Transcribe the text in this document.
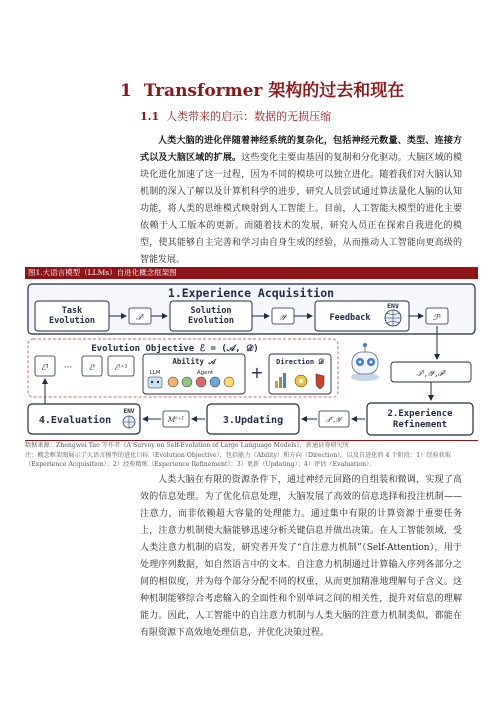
1 Transformer 架构的过去和现在
1.1 人类带来的启示：数据的无损压缩
人类大脑的进化伴随着神经系统的复杂化，包括神经元数量、类型、连接方式以及大脑区域的扩展。这些变化主要由基因的复制和分化驱动。大脑区域的模块化进化加速了这一过程，因为不同的模块可以独立进化。随着我们对大脑认知机制的深入了解以及计算机科学的进步，研究人员尝试通过算法量化人脑的认知功能，将人类的思维模式映射到人工智能上。目前，人工智能大模型的进化主要依赖于人工版本的更新。而随着技术的发展，研究人员正在探索自我进化的模型，使其能够自主完善和学习由自身生成的经验，从而推动人工智能向更高级的智能发展。
图1.大语言模型（LLMs）自进化概念框架图
1.Experience Acquisition
Task Evolution	𝒯ᵗ
Solution Evolution	𝒴ᵗ	Feedback
ENV
ℱᵗ
Evolution Objective ℰ = (𝒜, 𝒟)
ℰ¹ ··· ℰᵗ	ℰᵗ⁺¹
Ability 𝒜
LLM	Agent +
Direction 𝒟
𝒯ᵗ,𝒴ᵗ,ℱᵗ
4.Evaluation
ENV
𝑀ᵗ⁺¹	3.Updating	𝒯ᵗ,𝒴ᵗ
2.Experience Refinement
数据来源：Zhengwei Tao 等作者《A Survey on Self-Evolution of Large Language Models》，新通证券研究所
注：概念框架图展示了大语言模型的进化目标（Evolution Objective），包括能力（Ability）和方向（Direction）。以及自进化的 4 个阶段：1）经验获取（Experience Acquisition）；2）经验精炼（Experience Refinement）；3）更新（Updating）；4）评估（Evaluation）。
人类大脑在有限的资源条件下，通过神经元回路的自组装和微调，实现了高效的信息处理。为了优化信息处理，大脑发展了高效的信息选择和投注机制——注意力，而非依赖超大容量的处理能力。通过集中有限的计算资源于重要任务上，注意力机制使大脑能够迅速分析关键信息并做出决策。在人工智能领域，受人类注意力机制的启发，研究者开发了“自注意力机制”（Self-Attention），用于处理序列数据，如自然语言中的文本。自注意力机制通过计算输入序列各部分之间的相似度，并为每个部分分配不同的权重，从而更加精准地理解句子含义。这种机制能够综合考虑输入的全面性和个别单词之间的相关性，提升对信息的理解能力。因此，人工智能中的自注意力机制与人类大脑的注意力机制类似，都能在有限资源下高效地处理信息，并优化决策过程。
